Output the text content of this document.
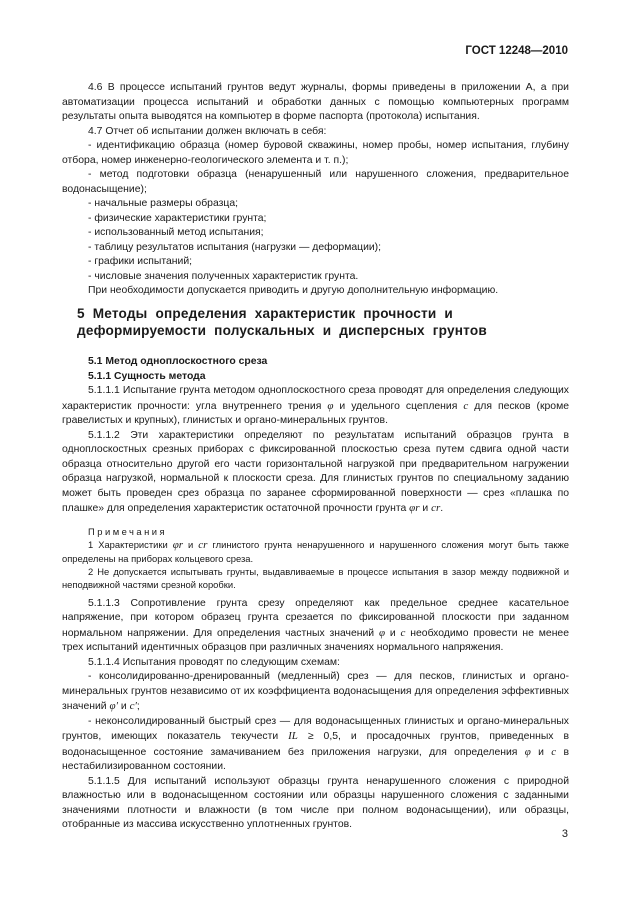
ГОСТ 12248—2010

4.6 В процессе испытаний грунтов ведут журналы, формы приведены в приложении А, а при автоматизации процесса испытаний и обработки данных с помощью компьютерных программ результаты опыта выводятся на компьютер в форме паспорта (протокола) испытания.

4.7 Отчет об испытании должен включать в себя:

- идентификацию образца (номер буровой скважины, номер пробы, номер испытания, глубину отбора, номер инженерно-геологического элемента и т. п.);

- метод подготовки образца (ненарушенный или нарушенного сложения, предварительное водонасыщение);

- начальные размеры образца;

- физические характеристики грунта;

- использованный метод испытания;

- таблицу результатов испытания (нагрузки — деформации);

- графики испытаний;

- числовые значения полученных характеристик грунта.

При необходимости допускается приводить и другую дополнительную информацию.

5 Методы определения характеристик прочности и деформируемости полускальных и дисперсных грунтов

5.1 Метод одноплоскостного среза

5.1.1 Сущность метода

5.1.1.1 Испытание грунта методом одноплоскостного среза проводят для определения следующих характеристик прочности: угла внутреннего трения φ и удельного сцепления c для песков (кроме гравелистых и крупных), глинистых и органо-минеральных грунтов.

5.1.1.2 Эти характеристики определяют по результатам испытаний образцов грунта в одноплоскостных срезных приборах с фиксированной плоскостью среза путем сдвига одной части образца относительно другой его части горизонтальной нагрузкой при предварительном нагружении образца нагрузкой, нормальной к плоскости среза. Для глинистых грунтов по специальному заданию может быть проведен срез образца по заранее сформированной поверхности — срез «плашка по плашке» для определения характеристик остаточной прочности грунта φr и cr.

Примечания

1 Характеристики φr и cr глинистого грунта ненарушенного и нарушенного сложения могут быть также определены на приборах кольцевого среза.

2 Не допускается испытывать грунты, выдавливаемые в процессе испытания в зазор между подвижной и неподвижной частями срезной коробки.

5.1.1.3 Сопротивление грунта срезу определяют как предельное среднее касательное напряжение, при котором образец грунта срезается по фиксированной плоскости при заданном нормальном напряжении. Для определения частных значений φ и c необходимо провести не менее трех испытаний идентичных образцов при различных значениях нормального напряжения.

5.1.1.4 Испытания проводят по следующим схемам:

- консолидированно-дренированный (медленный) срез — для песков, глинистых и органо-минеральных грунтов независимо от их коэффициента водонасыщения для определения эффективных значений φ′ и c′;

- неконсолидированный быстрый срез — для водонасыщенных глинистых и органо-минеральных грунтов, имеющих показатель текучести IL ≥ 0,5, и просадочных грунтов, приведенных в водонасыщенное состояние замачиванием без приложения нагрузки, для определения φ и c в нестабилизированном состоянии.

5.1.1.5 Для испытаний используют образцы грунта ненарушенного сложения с природной влажностью или в водонасыщенном состоянии или образцы нарушенного сложения с заданными значениями плотности и влажности (в том числе при полном водонасыщении), или образцы, отобранные из массива искусственно уплотненных грунтов.

3
